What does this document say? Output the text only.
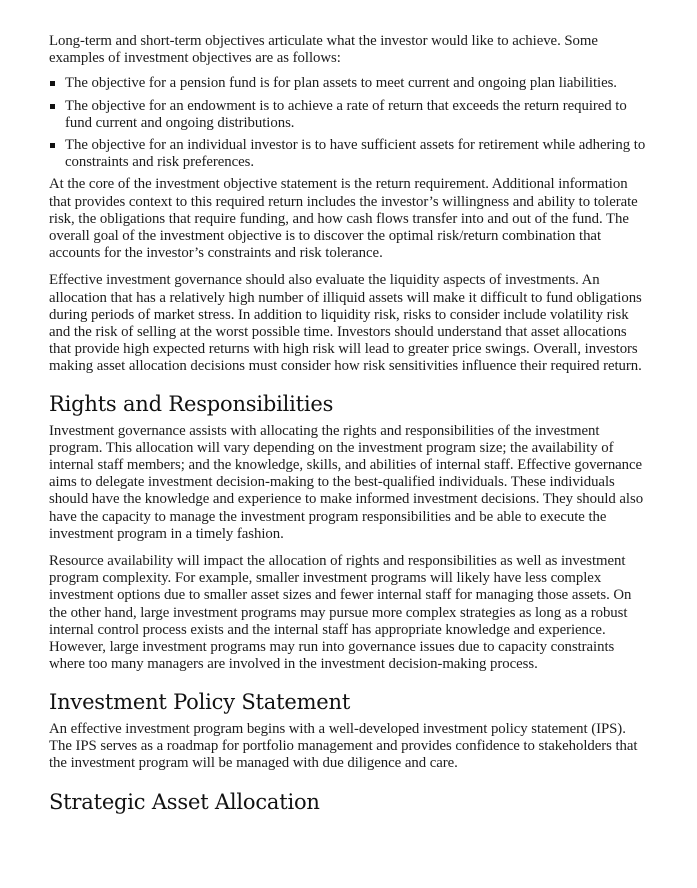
Long-term and short-term objectives articulate what the investor would like to achieve. Some examples of investment objectives are as follows:

The objective for a pension fund is for plan assets to meet current and ongoing plan liabilities.
The objective for an endowment is to achieve a rate of return that exceeds the return required to fund current and ongoing distributions.
The objective for an individual investor is to have sufficient assets for retirement while adhering to constraints and risk preferences.

At the core of the investment objective statement is the return requirement. Additional information that provides context to this required return includes the investor’s willingness and ability to tolerate risk, the obligations that require funding, and how cash flows transfer into and out of the fund. The overall goal of the investment objective is to discover the optimal risk/return combination that accounts for the investor’s constraints and risk tolerance.

Effective investment governance should also evaluate the liquidity aspects of investments. An allocation that has a relatively high number of illiquid assets will make it difficult to fund obligations during periods of market stress. In addition to liquidity risk, risks to consider include volatility risk and the risk of selling at the worst possible time. Investors should understand that asset allocations that provide high expected returns with high risk will lead to greater price swings. Overall, investors making asset allocation decisions must consider how risk sensitivities influence their required return.

Rights and Responsibilities

Investment governance assists with allocating the rights and responsibilities of the investment program. This allocation will vary depending on the investment program size; the availability of internal staff members; and the knowledge, skills, and abilities of internal staff. Effective governance aims to delegate investment decision-making to the best-qualified individuals. These individuals should have the knowledge and experience to make informed investment decisions. They should also have the capacity to manage the investment program responsibilities and be able to execute the investment program in a timely fashion.

Resource availability will impact the allocation of rights and responsibilities as well as investment program complexity. For example, smaller investment programs will likely have less complex investment options due to smaller asset sizes and fewer internal staff for managing those assets. On the other hand, large investment programs may pursue more complex strategies as long as a robust internal control process exists and the internal staff has appropriate knowledge and experience. However, large investment programs may run into governance issues due to capacity constraints where too many managers are involved in the investment decision-making process.

Investment Policy Statement

An effective investment program begins with a well-developed investment policy statement (IPS). The IPS serves as a roadmap for portfolio management and provides confidence to stakeholders that the investment program will be managed with due diligence and care.

Strategic Asset Allocation
